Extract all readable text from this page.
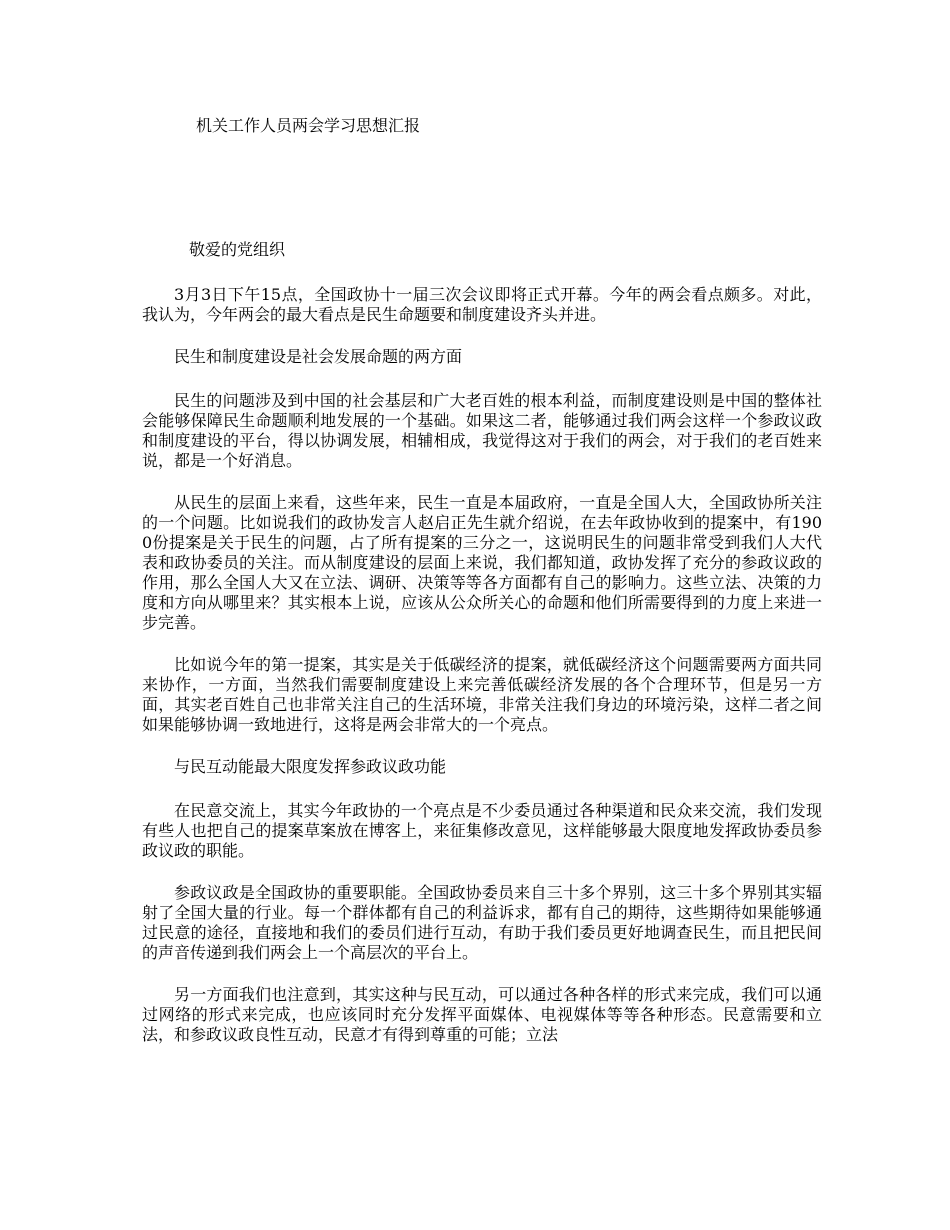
机关工作人员两会学习思想汇报

敬爱的党组织

3月3日下午15点，全国政协十一届三次会议即将正式开幕。今年的两会看点颇多。对此，我认为，今年两会的最大看点是民生命题要和制度建设齐头并进。

民生和制度建设是社会发展命题的两方面

民生的问题涉及到中国的社会基层和广大老百姓的根本利益，而制度建设则是中国的整体社会能够保障民生命题顺利地发展的一个基础。如果这二者，能够通过我们两会这样一个参政议政和制度建设的平台，得以协调发展，相辅相成，我觉得这对于我们的两会，对于我们的老百姓来说，都是一个好消息。

从民生的层面上来看，这些年来，民生一直是本届政府，一直是全国人大，全国政协所关注的一个问题。比如说我们的政协发言人赵启正先生就介绍说，在去年政协收到的提案中，有1900份提案是关于民生的问题，占了所有提案的三分之一，这说明民生的问题非常受到我们人大代表和政协委员的关注。而从制度建设的层面上来说，我们都知道，政协发挥了充分的参政议政的作用，那么全国人大又在立法、调研、决策等等各方面都有自己的影响力。这些立法、决策的力度和方向从哪里来？其实根本上说，应该从公众所关心的命题和他们所需要得到的力度上来进一步完善。

比如说今年的第一提案，其实是关于低碳经济的提案，就低碳经济这个问题需要两方面共同来协作，一方面，当然我们需要制度建设上来完善低碳经济发展的各个合理环节，但是另一方面，其实老百姓自己也非常关注自己的生活环境，非常关注我们身边的环境污染，这样二者之间如果能够协调一致地进行，这将是两会非常大的一个亮点。

与民互动能最大限度发挥参政议政功能

在民意交流上，其实今年政协的一个亮点是不少委员通过各种渠道和民众来交流，我们发现有些人也把自己的提案草案放在博客上，来征集修改意见，这样能够最大限度地发挥政协委员参政议政的职能。

参政议政是全国政协的重要职能。全国政协委员来自三十多个界别，这三十多个界别其实辐射了全国大量的行业。每一个群体都有自己的利益诉求，都有自己的期待，这些期待如果能够通过民意的途径，直接地和我们的委员们进行互动，有助于我们委员更好地调查民生，而且把民间的声音传递到我们两会上一个高层次的平台上。

另一方面我们也注意到，其实这种与民互动，可以通过各种各样的形式来完成，我们可以通过网络的形式来完成，也应该同时充分发挥平面媒体、电视媒体等等各种形态。民意需要和立法，和参政议政良性互动，民意才有得到尊重的可能；立法
